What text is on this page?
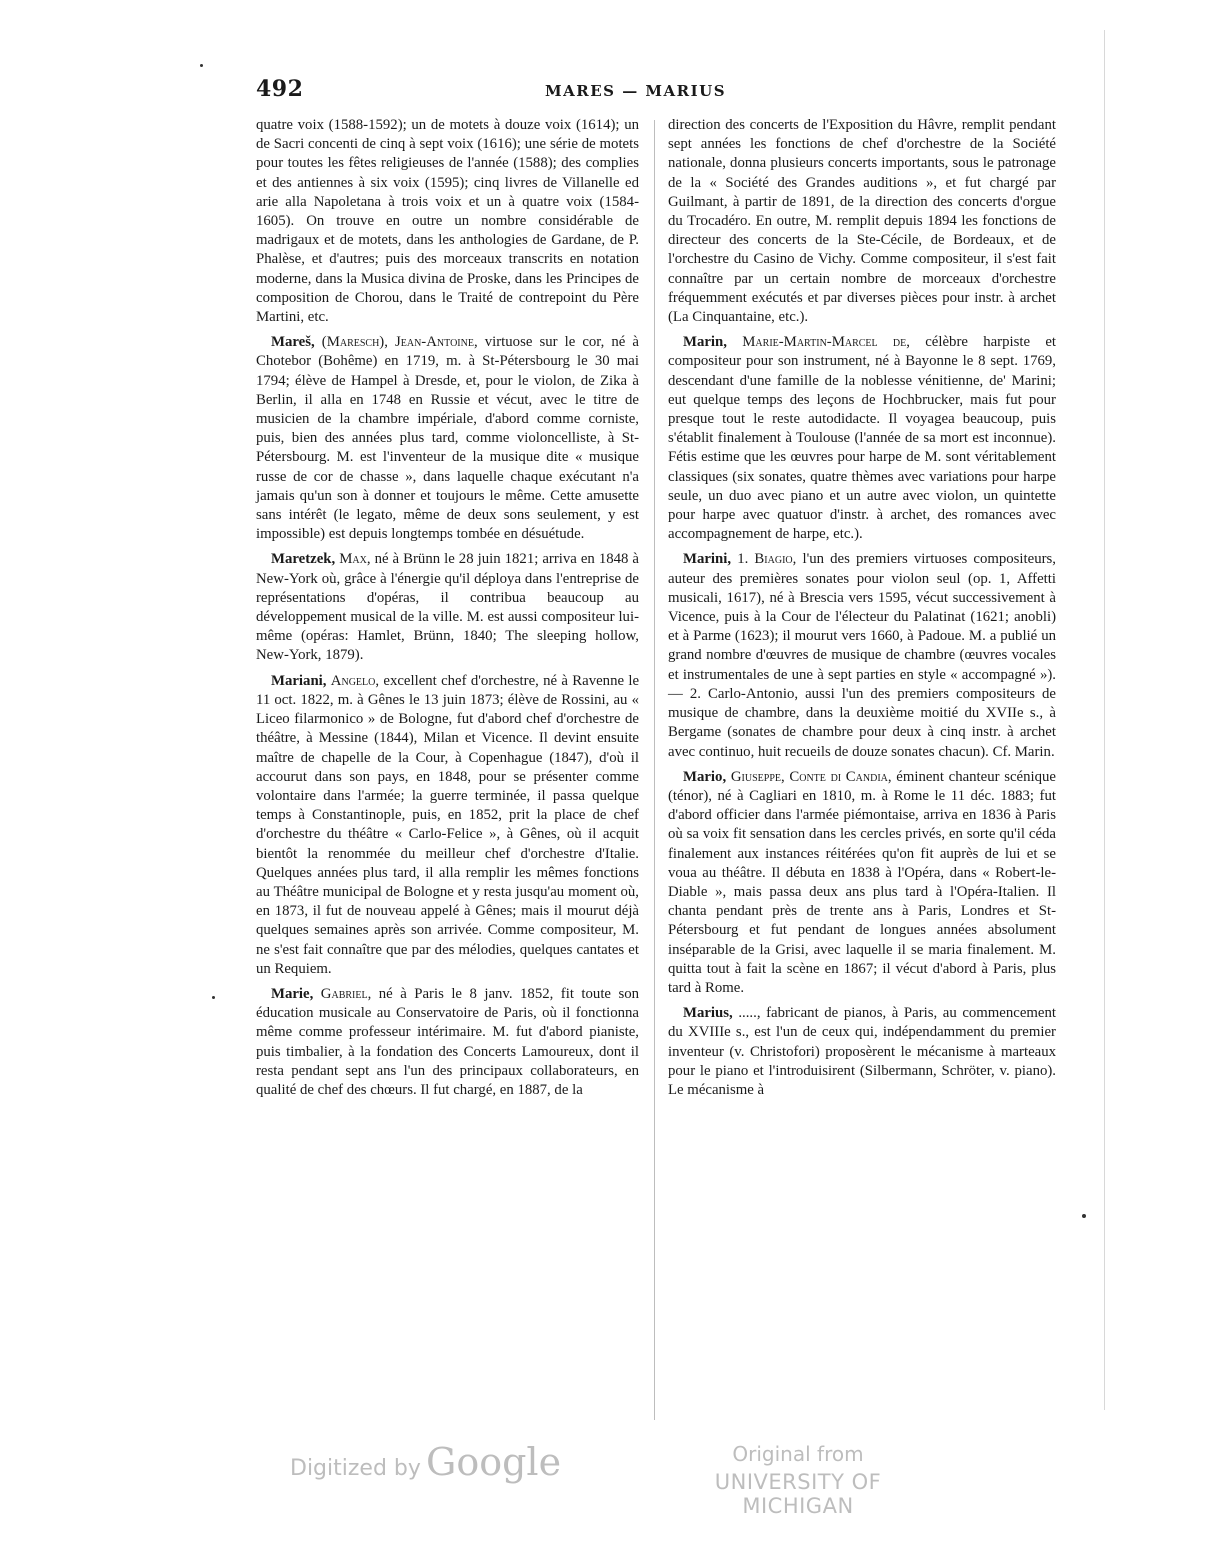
492	MARES — MARIUS

quatre voix (1588-1592); un de motets à douze voix (1614); un de Sacri concenti de cinq à sept voix (1616); une série de motets pour toutes les fêtes religieuses de l'année (1588); des complies et des antiennes à six voix (1595); cinq livres de Villanelle ed arie alla Napoletana à trois voix et un à quatre voix (1584-1605). On trouve en outre un nombre considérable de madrigaux et de motets, dans les anthologies de Gardane, de P. Phalèse, et d'autres; puis des morceaux transcrits en notation moderne, dans la Musica divina de Proske, dans les Principes de composition de Chorou, dans le Traité de contrepoint du Père Martini, etc.

Mareš, (Maresch), Jean-Antoine, virtuose sur le cor, né à Chotebor (Bohême) en 1719, m. à St-Pétersbourg le 30 mai 1794; élève de Hampel à Dresde, et, pour le violon, de Zika à Berlin, il alla en 1748 en Russie et vécut, avec le titre de musicien de la chambre impériale, d'abord comme corniste, puis, bien des années plus tard, comme violoncelliste, à St-Pétersbourg. M. est l'inventeur de la musique dite « musique russe de cor de chasse », dans laquelle chaque exécutant n'a jamais qu'un son à donner et toujours le même. Cette amusette sans intérêt (le legato, même de deux sons seulement, y est impossible) est depuis longtemps tombée en désuétude.

Maretzek, Max, né à Brünn le 28 juin 1821; arriva en 1848 à New-York où, grâce à l'énergie qu'il déploya dans l'entreprise de représentations d'opéras, il contribua beaucoup au développement musical de la ville. M. est aussi compositeur lui-même (opéras: Hamlet, Brünn, 1840; The sleeping hollow, New-York, 1879).

Mariani, Angelo, excellent chef d'orchestre, né à Ravenne le 11 oct. 1822, m. à Gênes le 13 juin 1873; élève de Rossini, au « Liceo filarmonico » de Bologne, fut d'abord chef d'orchestre de théâtre, à Messine (1844), Milan et Vicence. Il devint ensuite maître de chapelle de la Cour, à Copenhague (1847), d'où il accourut dans son pays, en 1848, pour se présenter comme volontaire dans l'armée; la guerre terminée, il passa quelque temps à Constantinople, puis, en 1852, prit la place de chef d'orchestre du théâtre « Carlo-Felice », à Gênes, où il acquit bientôt la renommée du meilleur chef d'orchestre d'Italie. Quelques années plus tard, il alla remplir les mêmes fonctions au Théâtre municipal de Bologne et y resta jusqu'au moment où, en 1873, il fut de nouveau appelé à Gênes; mais il mourut déjà quelques semaines après son arrivée. Comme compositeur, M. ne s'est fait connaître que par des mélodies, quelques cantates et un Requiem.

Marie, Gabriel, né à Paris le 8 janv. 1852, fit toute son éducation musicale au Conservatoire de Paris, où il fonctionna même comme professeur intérimaire. M. fut d'abord pianiste, puis timbalier, à la fondation des Concerts Lamoureux, dont il resta pendant sept ans l'un des principaux collaborateurs, en qualité de chef des chœurs. Il fut chargé, en 1887, de la

direction des concerts de l'Exposition du Hâvre, remplit pendant sept années les fonctions de chef d'orchestre de la Société nationale, donna plusieurs concerts importants, sous le patronage de la « Société des Grandes auditions », et fut chargé par Guilmant, à partir de 1891, de la direction des concerts d'orgue du Trocadéro. En outre, M. remplit depuis 1894 les fonctions de directeur des concerts de la Ste-Cécile, de Bordeaux, et de l'orchestre du Casino de Vichy. Comme compositeur, il s'est fait connaître par un certain nombre de morceaux d'orchestre fréquemment exécutés et par diverses pièces pour instr. à archet (La Cinquantaine, etc.).

Marin, Marie-Martin-Marcel de, célèbre harpiste et compositeur pour son instrument, né à Bayonne le 8 sept. 1769, descendant d'une famille de la noblesse vénitienne, de' Marini; eut quelque temps des leçons de Hochbrucker, mais fut pour presque tout le reste autodidacte. Il voyagea beaucoup, puis s'établit finalement à Toulouse (l'année de sa mort est inconnue). Fétis estime que les œuvres pour harpe de M. sont véritablement classiques (six sonates, quatre thèmes avec variations pour harpe seule, un duo avec piano et un autre avec violon, un quintette pour harpe avec quatuor d'instr. à archet, des romances avec accompagnement de harpe, etc.).

Marini, 1. Biagio, l'un des premiers virtuoses compositeurs, auteur des premières sonates pour violon seul (op. 1, Affetti musicali, 1617), né à Brescia vers 1595, vécut successivement à Vicence, puis à la Cour de l'électeur du Palatinat (1621; anobli) et à Parme (1623); il mourut vers 1660, à Padoue. M. a publié un grand nombre d'œuvres de musique de chambre (œuvres vocales et instrumentales de une à sept parties en style « accompagné »). — 2. Carlo-Antonio, aussi l'un des premiers compositeurs de musique de chambre, dans la deuxième moitié du XVIIe s., à Bergame (sonates de chambre pour deux à cinq instr. à archet avec continuo, huit recueils de douze sonates chacun). Cf. Marin.

Mario, Giuseppe, Conte di Candia, éminent chanteur scénique (ténor), né à Cagliari en 1810, m. à Rome le 11 déc. 1883; fut d'abord officier dans l'armée piémontaise, arriva en 1836 à Paris où sa voix fit sensation dans les cercles privés, en sorte qu'il céda finalement aux instances réitérées qu'on fit auprès de lui et se voua au théâtre. Il débuta en 1838 à l'Opéra, dans « Robert-le-Diable », mais passa deux ans plus tard à l'Opéra-Italien. Il chanta pendant près de trente ans à Paris, Londres et St-Pétersbourg et fut pendant de longues années absolument inséparable de la Grisi, avec laquelle il se maria finalement. M. quitta tout à fait la scène en 1867; il vécut d'abord à Paris, plus tard à Rome.

Marius, ....., fabricant de pianos, à Paris, au commencement du XVIIIe s., est l'un de ceux qui, indépendamment du premier inventeur (v. Christofori) proposèrent le mécanisme à marteaux pour le piano et l'introduisirent (Silbermann, Schröter, v. piano). Le mécanisme à

Digitized by Google	Original from
UNIVERSITY OF MICHIGAN
